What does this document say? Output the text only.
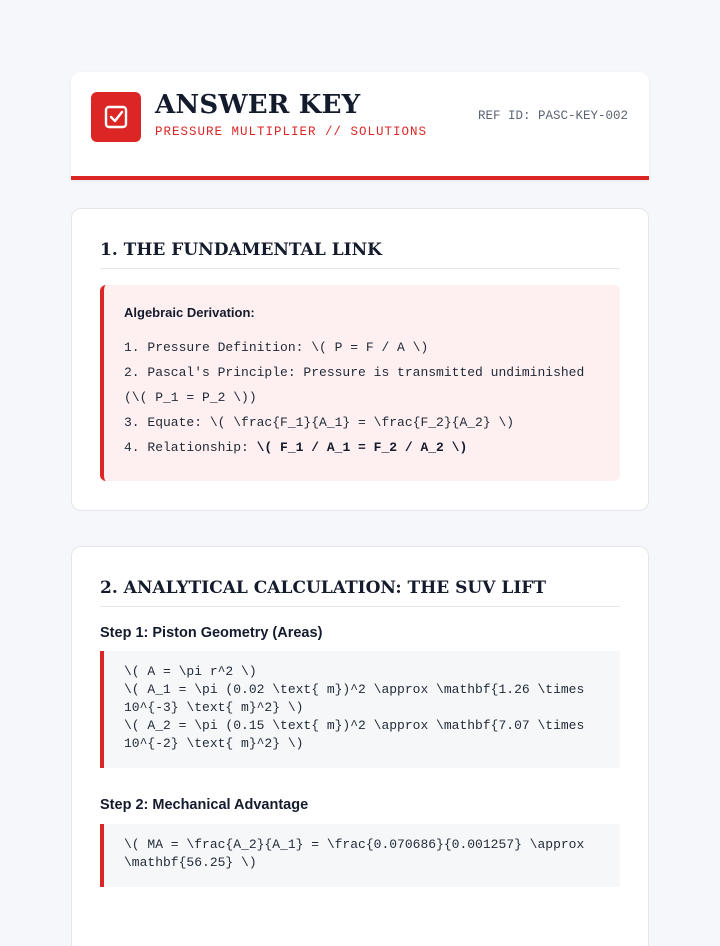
ANSWER KEY
PRESSURE MULTIPLIER // SOLUTIONS
REF ID: PASC-KEY-002
1. THE FUNDAMENTAL LINK

Algebraic Derivation:

1. Pressure Definition: \( P = F / A \)
2. Pascal's Principle: Pressure is transmitted undiminished (\( P_1 = P_2 \))
3. Equate: \( \frac{F_1}{A_1} = \frac{F_2}{A_2} \)
4. Relationship: \( F_1 / A_1 = F_2 / A_2 \)
2. ANALYTICAL CALCULATION: THE SUV LIFT
Step 1: Piston Geometry (Areas)
\( A = \pi r^2 \)
\( A_1 = \pi (0.02 \text{ m})^2 \approx \mathbf{1.26 \times 10^{-3} \text{ m}^2} \)
\( A_2 = \pi (0.15 \text{ m})^2 \approx \mathbf{7.07 \times 10^{-2} \text{ m}^2} \)
Step 2: Mechanical Advantage
\( MA = \frac{A_2}{A_1} = \frac{0.070686}{0.001257} \approx \mathbf{56.25} \)
